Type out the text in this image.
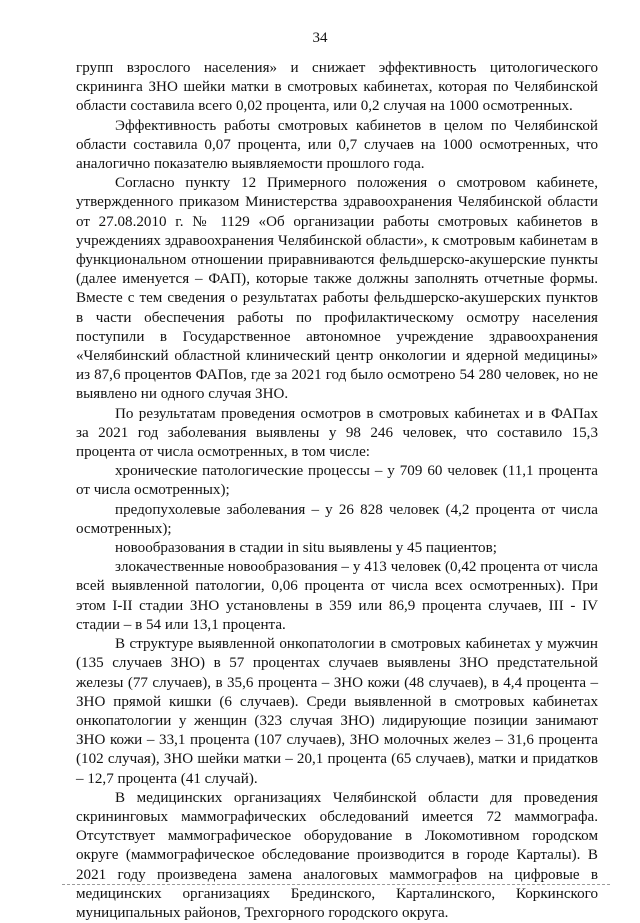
34

групп взрослого населения» и снижает эффективность цитологического скрининга ЗНО шейки матки в смотровых кабинетах, которая по Челябинской области составила всего 0,02 процента, или 0,2 случая на 1000 осмотренных.

Эффективность работы смотровых кабинетов в целом по Челябинской области составила 0,07 процента, или 0,7 случаев на 1000 осмотренных, что аналогично показателю выявляемости прошлого года.

Согласно пункту 12 Примерного положения о смотровом кабинете, утвержденного приказом Министерства здравоохранения Челябинской области от 27.08.2010 г. № 1129 «Об организации работы смотровых кабинетов в учреждениях здравоохранения Челябинской области», к смотровым кабинетам в функциональном отношении приравниваются фельдшерско-акушерские пункты (далее именуется – ФАП), которые также должны заполнять отчетные формы. Вместе с тем сведения о результатах работы фельдшерско-акушерских пунктов в части обеспечения работы по профилактическому осмотру населения поступили в Государственное автономное учреждение здравоохранения «Челябинский областной клинический центр онкологии и ядерной медицины» из 87,6 процентов ФАПов, где за 2021 год было осмотрено 54 280 человек, но не выявлено ни одного случая ЗНО.

По результатам проведения осмотров в смотровых кабинетах и в ФАПах за 2021 год заболевания выявлены у 98 246 человек, что составило 15,3 процента от числа осмотренных, в том числе:

хронические патологические процессы – у 709 60 человек (11,1 процента от числа осмотренных);

предопухолевые заболевания – у 26 828 человек (4,2 процента от числа осмотренных);

новообразования в стадии in situ выявлены у 45 пациентов;

злокачественные новообразования – у 413 человек (0,42 процента от числа всей выявленной патологии, 0,06 процента от числа всех осмотренных). При этом I-II стадии ЗНО установлены в 359 или 86,9 процента случаев, III - IV стадии – в 54 или 13,1 процента.

В структуре выявленной онкопатологии в смотровых кабинетах у мужчин (135 случаев ЗНО) в 57 процентах случаев выявлены ЗНО предстательной железы (77 случаев), в 35,6 процента – ЗНО кожи (48 случаев), в 4,4 процента – ЗНО прямой кишки (6 случаев). Среди выявленной в смотровых кабинетах онкопатологии у женщин (323 случая ЗНО) лидирующие позиции занимают ЗНО кожи – 33,1 процента (107 случаев), ЗНО молочных желез – 31,6 процента (102 случая), ЗНО шейки матки – 20,1 процента (65 случаев), матки и придатков – 12,7 процента (41 случай).

В медицинских организациях Челябинской области для проведения скрининговых маммографических обследований имеется 72 маммографа. Отсутствует маммографическое оборудование в Локомотивном городском округе (маммографическое обследование производится в городе Карталы). В 2021 году произведена замена аналоговых маммографов на цифровые в медицинских организациях Брединского, Карталинского, Коркинского муниципальных районов, Трехгорного городского округа.
